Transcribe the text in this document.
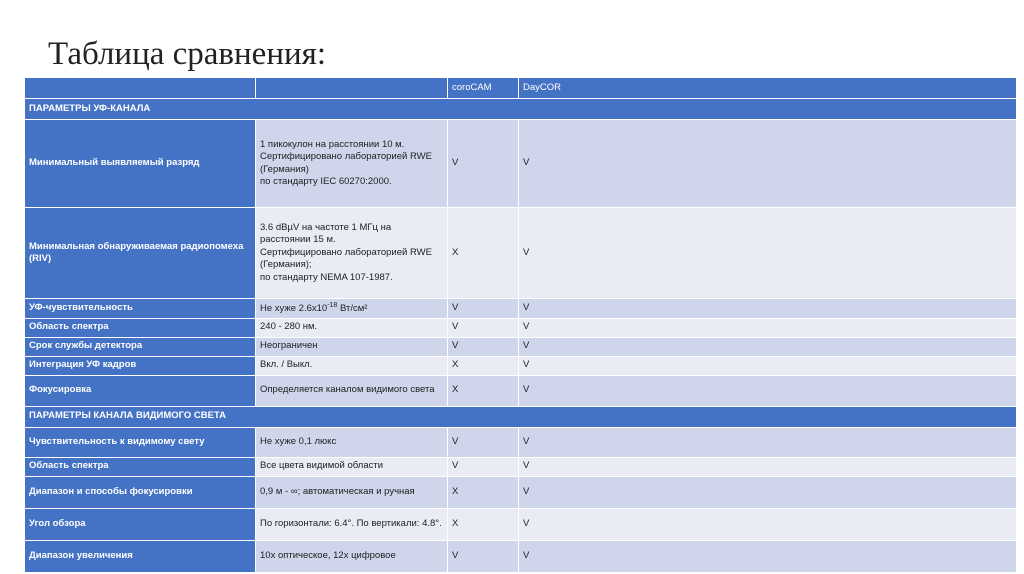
Таблица сравнения:
		coroCAM	DayCOR
ПАРАМЕТРЫ УФ-КАНАЛА			
Минимальный выявляемый разряд	1 пикокулон на расстоянии 10 м.
Сертифицировано лабораторией RWE (Германия)
по стандарту IEC 60270:2000.	V	V
Минимальная обнаруживаемая радиопомеха (RIV)	3.6 dBµV на частоте 1 МГц на расстоянии 15 м.
Сертифицировано лабораторией RWE (Германия);
по стандарту NEMA 107-1987.	X	V
УФ-чувствительность	Не хуже $2.6x10^{-18}$ Вт/см²	V	V
Область спектра	240 - 280 нм.	V	V
Срок службы детектора	Неограничен	V	V
Интеграция УФ кадров	Вкл. / Выкл.	X	V
Фокусировка	Определяется каналом видимого света	X	V
ПАРАМЕТРЫ КАНАЛА ВИДИМОГО СВЕТА			
Чувствительность к видимому свету	Не хуже 0,1 люкс	V	V
Область спектра	Все цвета видимой области	V	V
Диапазон и способы фокусировки	0,9 м - ∞; автоматическая и ручная	X	V
Угол обзора	По горизонтали: 6.4°. По вертикали: 4.8°.	X	V
Диапазон увеличения	10x оптическое, 12x цифровое	V	V
